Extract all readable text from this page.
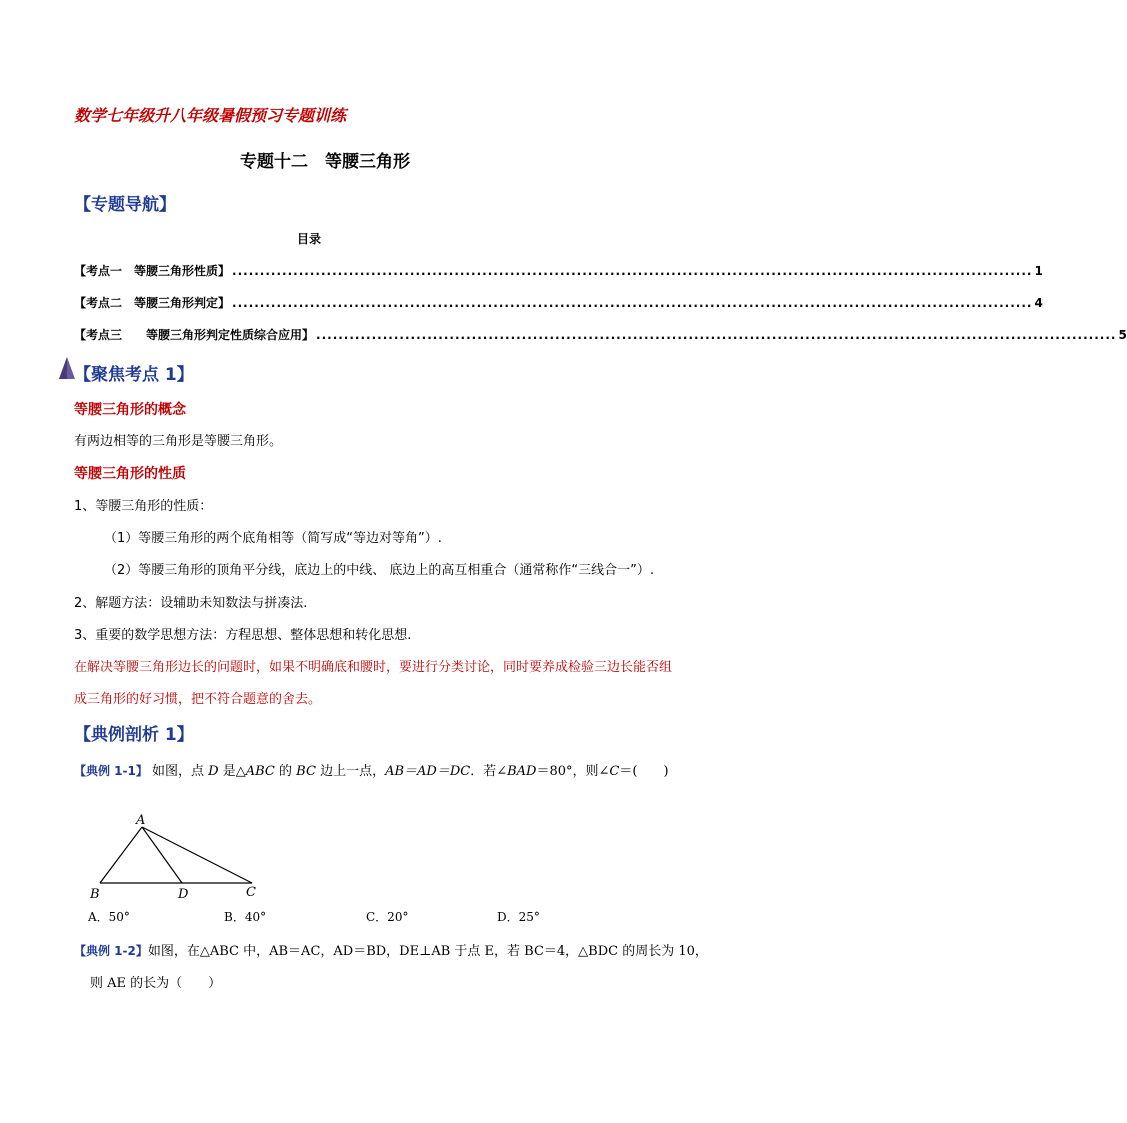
数学七年级升八年级暑假预习专题训练
专题十二　等腰三角形
【专题导航】
目录
【考点一　等腰三角形性质】 ................................................................................................................................................ 1
【考点二　等腰三角形判定】 ................................................................................................................................................ 4
【考点三　　等腰三角形判定性质综合应用】 ................................................................................................................................................ 5
【聚焦考点 1】
等腰三角形的概念
有两边相等的三角形是等腰三角形。
等腰三角形的性质
1、等腰三角形的性质：
（1）等腰三角形的两个底角相等（简写成“等边对等角”）.
（2）等腰三角形的顶角平分线，底边上的中线、 底边上的高互相重合（通常称作“三线合一”）.
2、解题方法：设辅助未知数法与拼凑法.
3、重要的数学思想方法：方程思想、整体思想和转化思想.
在解决等腰三角形边长的问题时，如果不明确底和腰时，要进行分类讨论，同时要养成检验三边长能否组
成三角形的好习惯，把不符合题意的舍去。
【典例剖析 1】
【典例 1-1】 如图，点 D 是△ABC 的 BC 边上一点，AB＝AD＝DC．若∠BAD＝80°，则∠C＝(　　)
A
B	D	C
A．50°	B．40°	C．20°	D．25°
【典例 1-2】如图，在△ABC 中，AB＝AC，AD＝BD，DE⊥AB 于点 E，若 BC＝4，△BDC 的周长为 10，
则 AE 的长为（　　）
